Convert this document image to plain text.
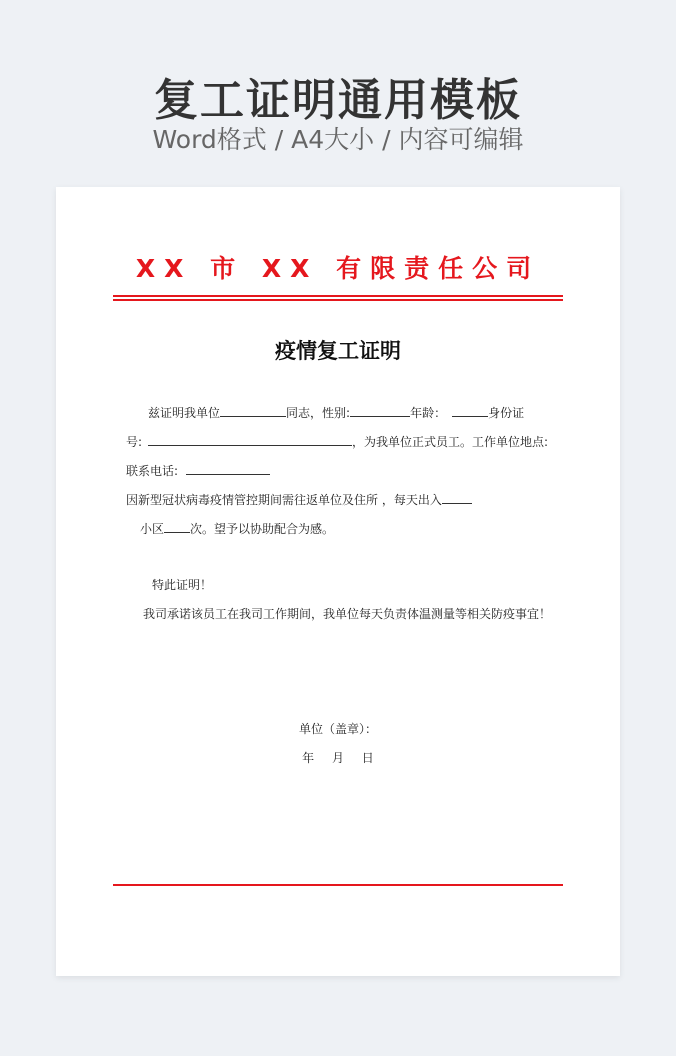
复工证明通用模板
Word格式 / A4大小 / 内容可编辑
XX 市 XX 有限责任公司
疫情复工证明
兹证明我单位	同志，性别:	年龄：	身份证
号:	，为我单位正式员工。工作单位地点:
联系电话:
因新型冠状病毒疫情管控期间需往返单位及住所 ，每天出入
小区 次。望予以协助配合为感。
特此证明！
我司承诺该员工在我司工作期间，我单位每天负责体温测量等相关防疫事宜！
单位（盖章）：
年 月 日
